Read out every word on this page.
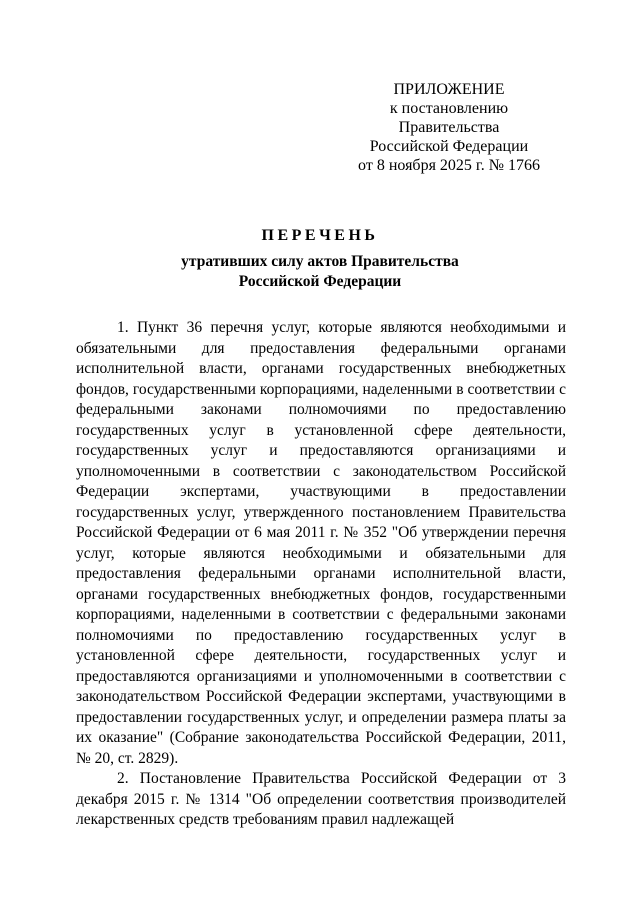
ПРИЛОЖЕНИЕ
к постановлению Правительства
Российской Федерации
от 8 ноября 2025 г. № 1766
ПЕРЕЧЕНЬ
утративших силу актов Правительства
Российской Федерации

1. Пункт 36 перечня услуг, которые являются необходимыми и обязательными для предоставления федеральными органами исполнительной власти, органами государственных внебюджетных фондов, государственными корпорациями, наделенными в соответствии с федеральными законами полномочиями по предоставлению государственных услуг в установленной сфере деятельности, государственных услуг и предоставляются организациями и уполномоченными в соответствии с законодательством Российской Федерации экспертами, участвующими в предоставлении государственных услуг, утвержденного постановлением Правительства Российской Федерации от 6 мая 2011 г. № 352 "Об утверждении перечня услуг, которые являются необходимыми и обязательными для предоставления федеральными органами исполнительной власти, органами государственных внебюджетных фондов, государственными корпорациями, наделенными в соответствии с федеральными законами полномочиями по предоставлению государственных услуг в установленной сфере деятельности, государственных услуг и предоставляются организациями и уполномоченными в соответствии с законодательством Российской Федерации экспертами, участвующими в предоставлении государственных услуг, и определении размера платы за их оказание" (Собрание законодательства Российской Федерации, 2011, № 20, ст. 2829).

2. Постановление Правительства Российской Федерации от 3 декабря 2015 г. № 1314 "Об определении соответствия производителей лекарственных средств требованиям правил надлежащей
